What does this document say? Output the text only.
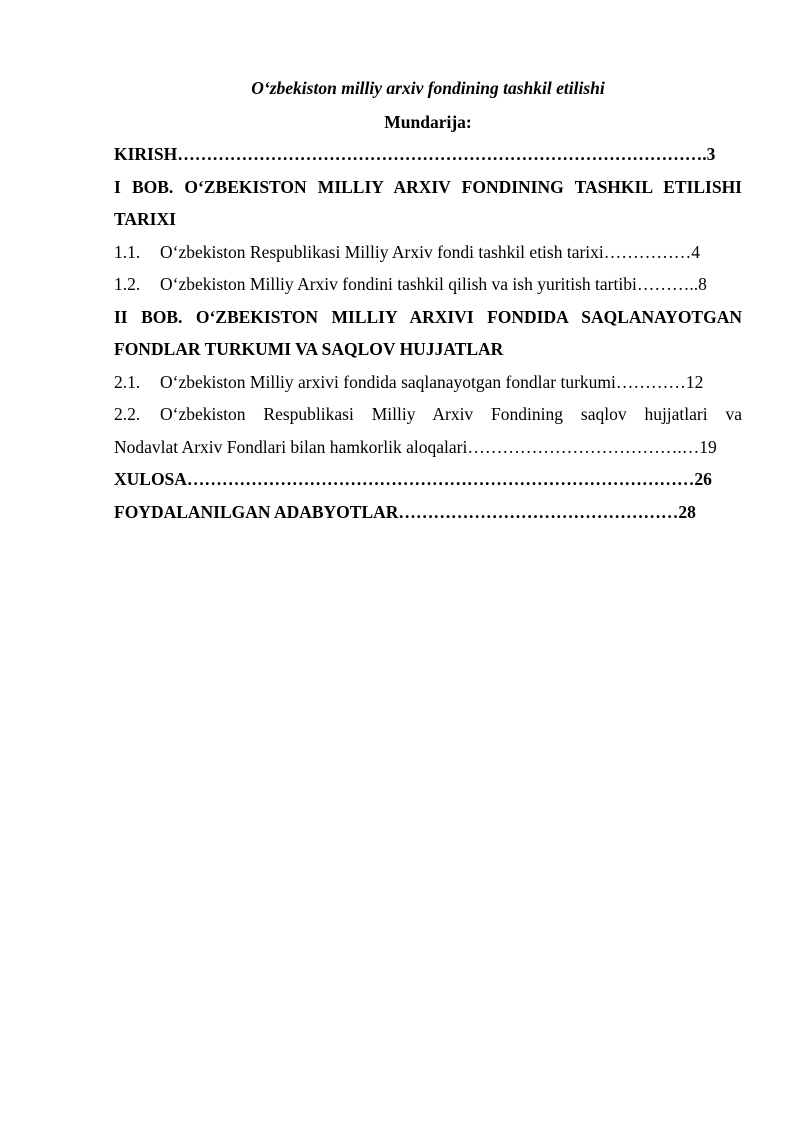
O‘zbekiston milliy arxiv fondining tashkil etilishi

Mundarija:

KIRISH……………………………………………………………………………….3

I BOB. O‘ZBEKISTON MILLIY ARXIV FONDINING TASHKIL ETILISHI

TARIXI

1.1. O‘zbekiston Respublikasi Milliy Arxiv fondi tashkil etish tarixi……………4

1.2. O‘zbekiston Milliy Arxiv fondini tashkil qilish va ish yuritish tartibi………..8

II BOB. O‘ZBEKISTON MILLIY ARXIVI FONDIDA SAQLANAYOTGAN

FONDLAR TURKUMI VA SAQLOV HUJJATLAR

2.1. O‘zbekiston Milliy arxivi fondida saqlanayotgan fondlar turkumi…………12

2.2. O‘zbekiston Respublikasi Milliy Arxiv Fondining saqlov hujjatlari va

Nodavlat Arxiv Fondlari bilan hamkorlik aloqalari……………………………….…19

XULOSA……………………………………………………………………………26

FOYDALANILGAN ADABYOTLAR…………………………………………28
